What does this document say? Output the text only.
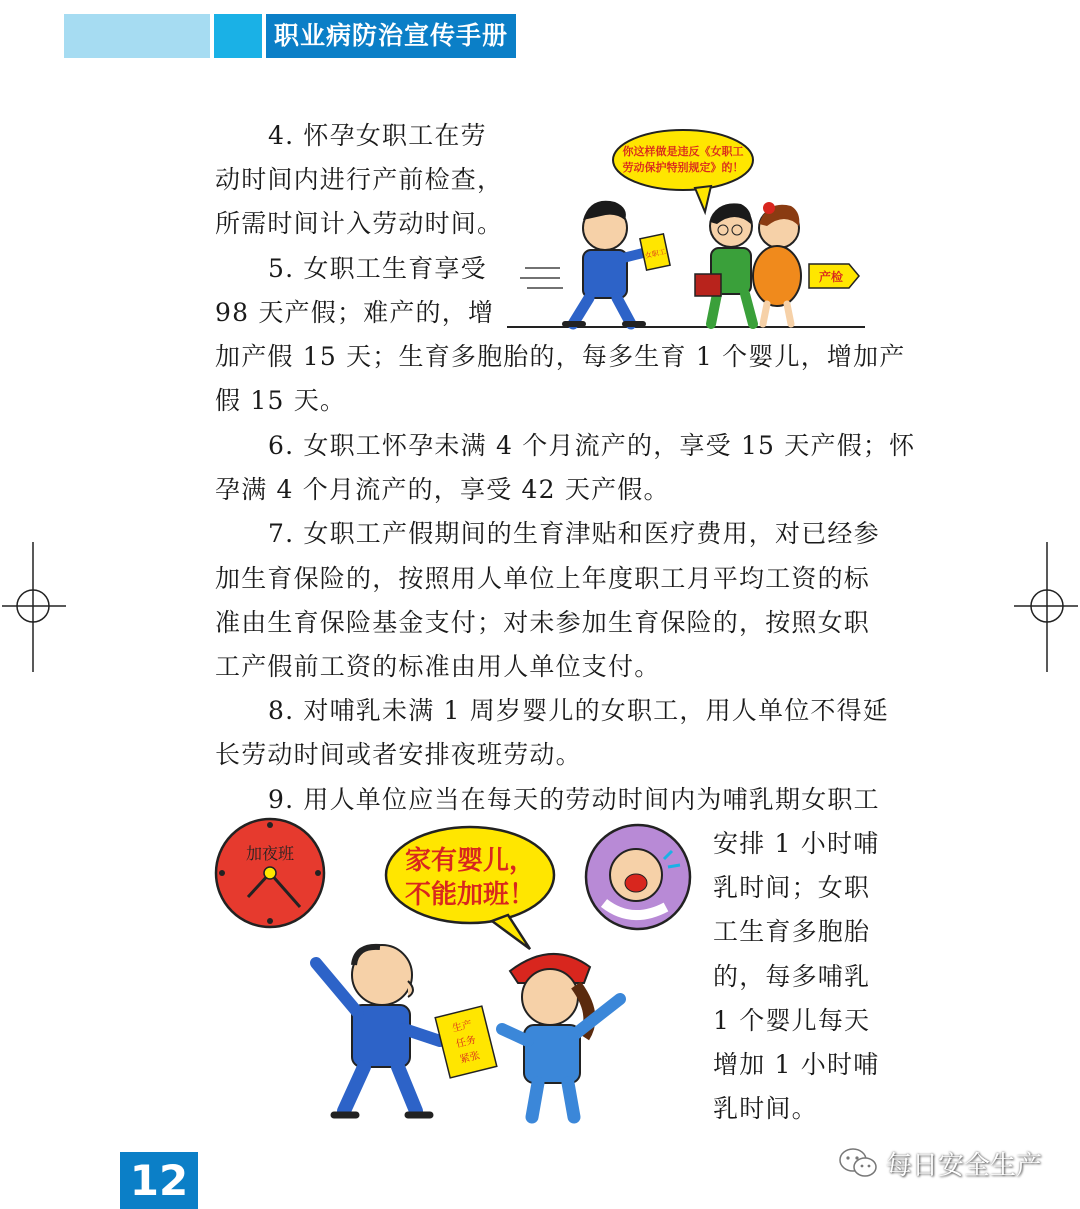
职业病防治宣传手册

4. 怀孕女职工在劳

动时间内进行产前检查，

所需时间计入劳动时间。

5. 女职工生育享受

98 天产假；难产的，增

加产假 15 天；生育多胞胎的，每多生育 1 个婴儿，增加产

假 15 天。

6. 女职工怀孕未满 4 个月流产的，享受 15 天产假；怀

孕满 4 个月流产的，享受 42 天产假。

7. 女职工产假期间的生育津贴和医疗费用，对已经参

加生育保险的，按照用人单位上年度职工月平均工资的标

准由生育保险基金支付；对未参加生育保险的，按照女职

工产假前工资的标准由用人单位支付。

8. 对哺乳未满 1 周岁婴儿的女职工，用人单位不得延

长劳动时间或者安排夜班劳动。

9. 用人单位应当在每天的劳动时间内为哺乳期女职工

安排 1 小时哺

乳时间；女职

工生育多胞胎

的，每多哺乳

1 个婴儿每天

增加 1 小时哺

乳时间。

你这样做是违反《女职工
劳动保护特别规定》的！
女职工
产检
加夜班	家有婴儿，
不能加班！
生产
任务
紧张
12	每日安全生产
